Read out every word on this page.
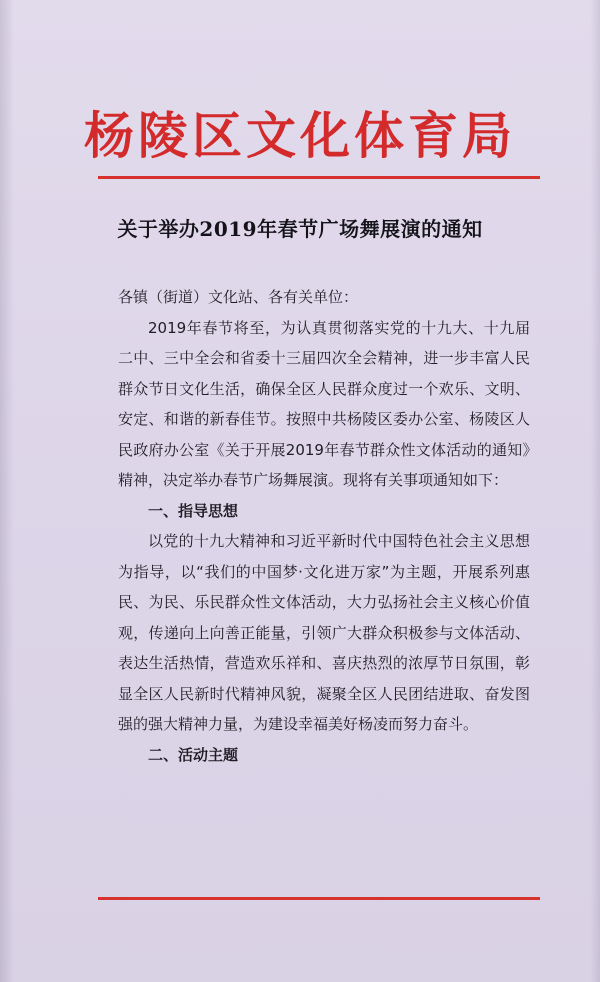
杨陵区文化体育局
关于举办2019年春节广场舞展演的通知

各镇（街道）文化站、各有关单位：

2019年春节将至，为认真贯彻落实党的十九大、十九届二中、三中全会和省委十三届四次全会精神，进一步丰富人民群众节日文化生活，确保全区人民群众度过一个欢乐、文明、安定、和谐的新春佳节。按照中共杨陵区委办公室、杨陵区人民政府办公室《关于开展2019年春节群众性文体活动的通知》精神，决定举办春节广场舞展演。现将有关事项通知如下：

一、指导思想

以党的十九大精神和习近平新时代中国特色社会主义思想为指导，以“我们的中国梦·文化进万家”为主题，开展系列惠民、为民、乐民群众性文体活动，大力弘扬社会主义核心价值观，传递向上向善正能量，引领广大群众积极参与文体活动、表达生活热情，营造欢乐祥和、喜庆热烈的浓厚节日氛围，彰显全区人民新时代精神风貌，凝聚全区人民团结进取、奋发图强的强大精神力量，为建设幸福美好杨凌而努力奋斗。

二、活动主题
